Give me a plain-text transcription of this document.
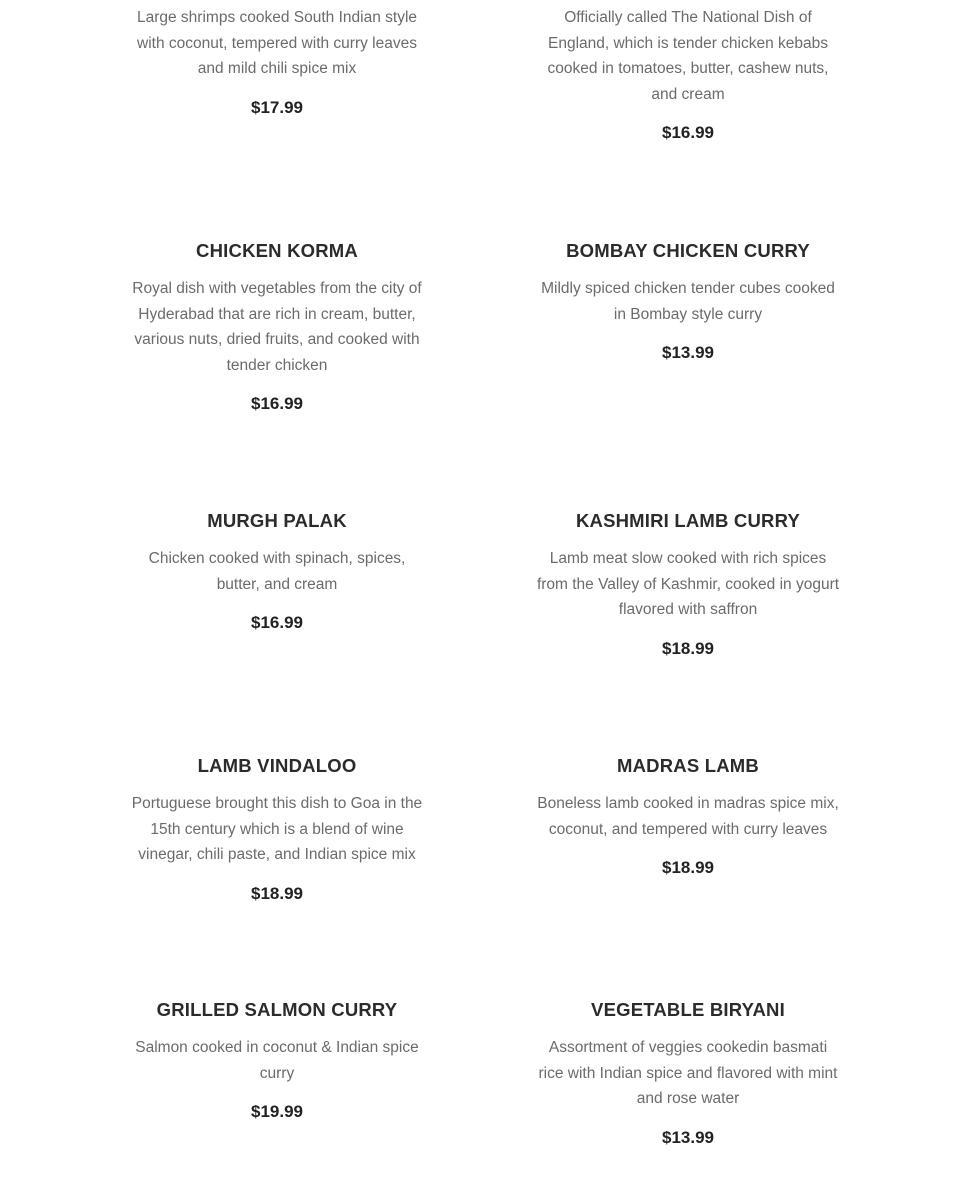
Large shrimps cooked South Indian style with coconut, tempered with curry leaves and mild chili spice mix

$17.99

Officially called The National Dish of England, which is tender chicken kebabs cooked in tomatoes, butter, cashew nuts, and cream

$16.99

CHICKEN KORMA

Royal dish with vegetables from the city of Hyderabad that are rich in cream, butter, various nuts, dried fruits, and cooked with tender chicken

$16.99

BOMBAY CHICKEN CURRY

Mildly spiced chicken tender cubes cooked in Bombay style curry

$13.99

MURGH PALAK

Chicken cooked with spinach, spices, butter, and cream

$16.99

KASHMIRI LAMB CURRY

Lamb meat slow cooked with rich spices from the Valley of Kashmir, cooked in yogurt flavored with saffron

$18.99

LAMB VINDALOO

Portuguese brought this dish to Goa in the 15th century which is a blend of wine vinegar, chili paste, and Indian spice mix

$18.99

MADRAS LAMB

Boneless lamb cooked in madras spice mix, coconut, and tempered with curry leaves

$18.99

GRILLED SALMON CURRY

Salmon cooked in coconut & Indian spice curry

$19.99

VEGETABLE BIRYANI

Assortment of veggies cookedin basmati rice with Indian spice and flavored with mint and rose water

$13.99
